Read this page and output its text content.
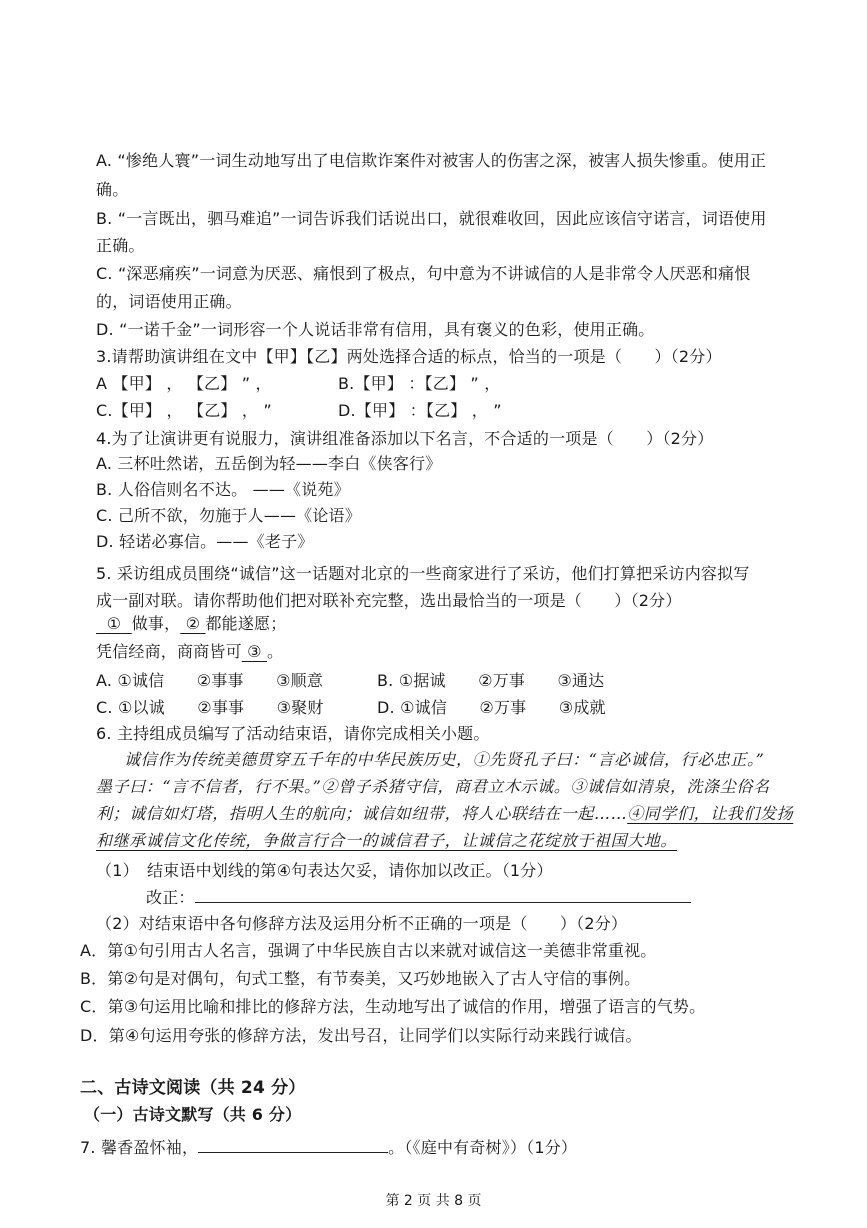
A. “惨绝人寰”一词生动地写出了电信欺诈案件对被害人的伤害之深，被害人损失惨重。使用正
确。
B. “一言既出，驷马难追”一词告诉我们话说出口，就很难收回，因此应该信守诺言，词语使用
正确。
C. “深恶痛疾”一词意为厌恶、痛恨到了极点，句中意为不讲诚信的人是非常令人厌恶和痛恨
的，词语使用正确。
D. “一诺千金”一词形容一个人说话非常有信用，具有褒义的色彩，使用正确。
3.请帮助演讲组在文中【甲】【乙】两处选择合适的标点，恰当的一项是（　　）（2分）
A 【甲】 ， 【乙】 ” ，	B.【甲】 ：【乙】 ” ，
C.【甲】 ， 【乙】 ， ”	D.【甲】 ：【乙】 ， ”
4.为了让演讲更有说服力，演讲组准备添加以下名言，不合适的一项是（　　）（2分）
A. 三杯吐然诺，五岳倒为轻——李白《侠客行》
B. 人俗信则名不达。 ——《说苑》
C. 己所不欲，勿施于人——《论语》
D. 轻诺必寡信。——《老子》
5. 采访组成员围绕“诚信”这一话题对北京的一些商家进行了采访，他们打算把采访内容拟写
成一副对联。请你帮助他们把对联补充完整，选出最恰当的一项是（　　）（2分）
① 做事， ② 都能遂愿；
凭信经商，商商皆可 ③ 。
A. ①诚信　　②事事　　③顺意	B. ①据诚　　②万事　　③通达
C. ①以诚　　②事事　　③聚财	D. ①诚信　　②万事　　③成就
6. 主持组成员编写了活动结束语，请你完成相关小题。
诚信作为传统美德贯穿五千年的中华民族历史，①先贤孔子曰：“言必诚信，行必忠正。”
墨子曰：“言不信者，行不果。”②曾子杀猪守信，商君立木示诚。③诚信如清泉，洗涤尘俗名
利；诚信如灯塔，指明人生的航向；诚信如纽带，将人心联结在一起……④同学们，让我们发扬
和继承诚信文化传统，争做言行合一的诚信君子，让诚信之花绽放于祖国大地。
（1）　结束语中划线的第④句表达欠妥，请你加以改正。（1分）
改正：
（2）对结束语中各句修辞方法及运用分析不正确的一项是（　　）（2分）
A．第①句引用古人名言，强调了中华民族自古以来就对诚信这一美德非常重视。
B．第②句是对偶句，句式工整，有节奏美，又巧妙地嵌入了古人守信的事例。
C．第③句运用比喻和排比的修辞方法，生动地写出了诚信的作用，增强了语言的气势。
D．第④句运用夸张的修辞方法，发出号召，让同学们以实际行动来践行诚信。
二、古诗文阅读（共 24 分）
（一）古诗文默写（共 6 分）
7. 馨香盈怀袖，	。（《庭中有奇树》）（1分）
第 2 页 共 8 页
